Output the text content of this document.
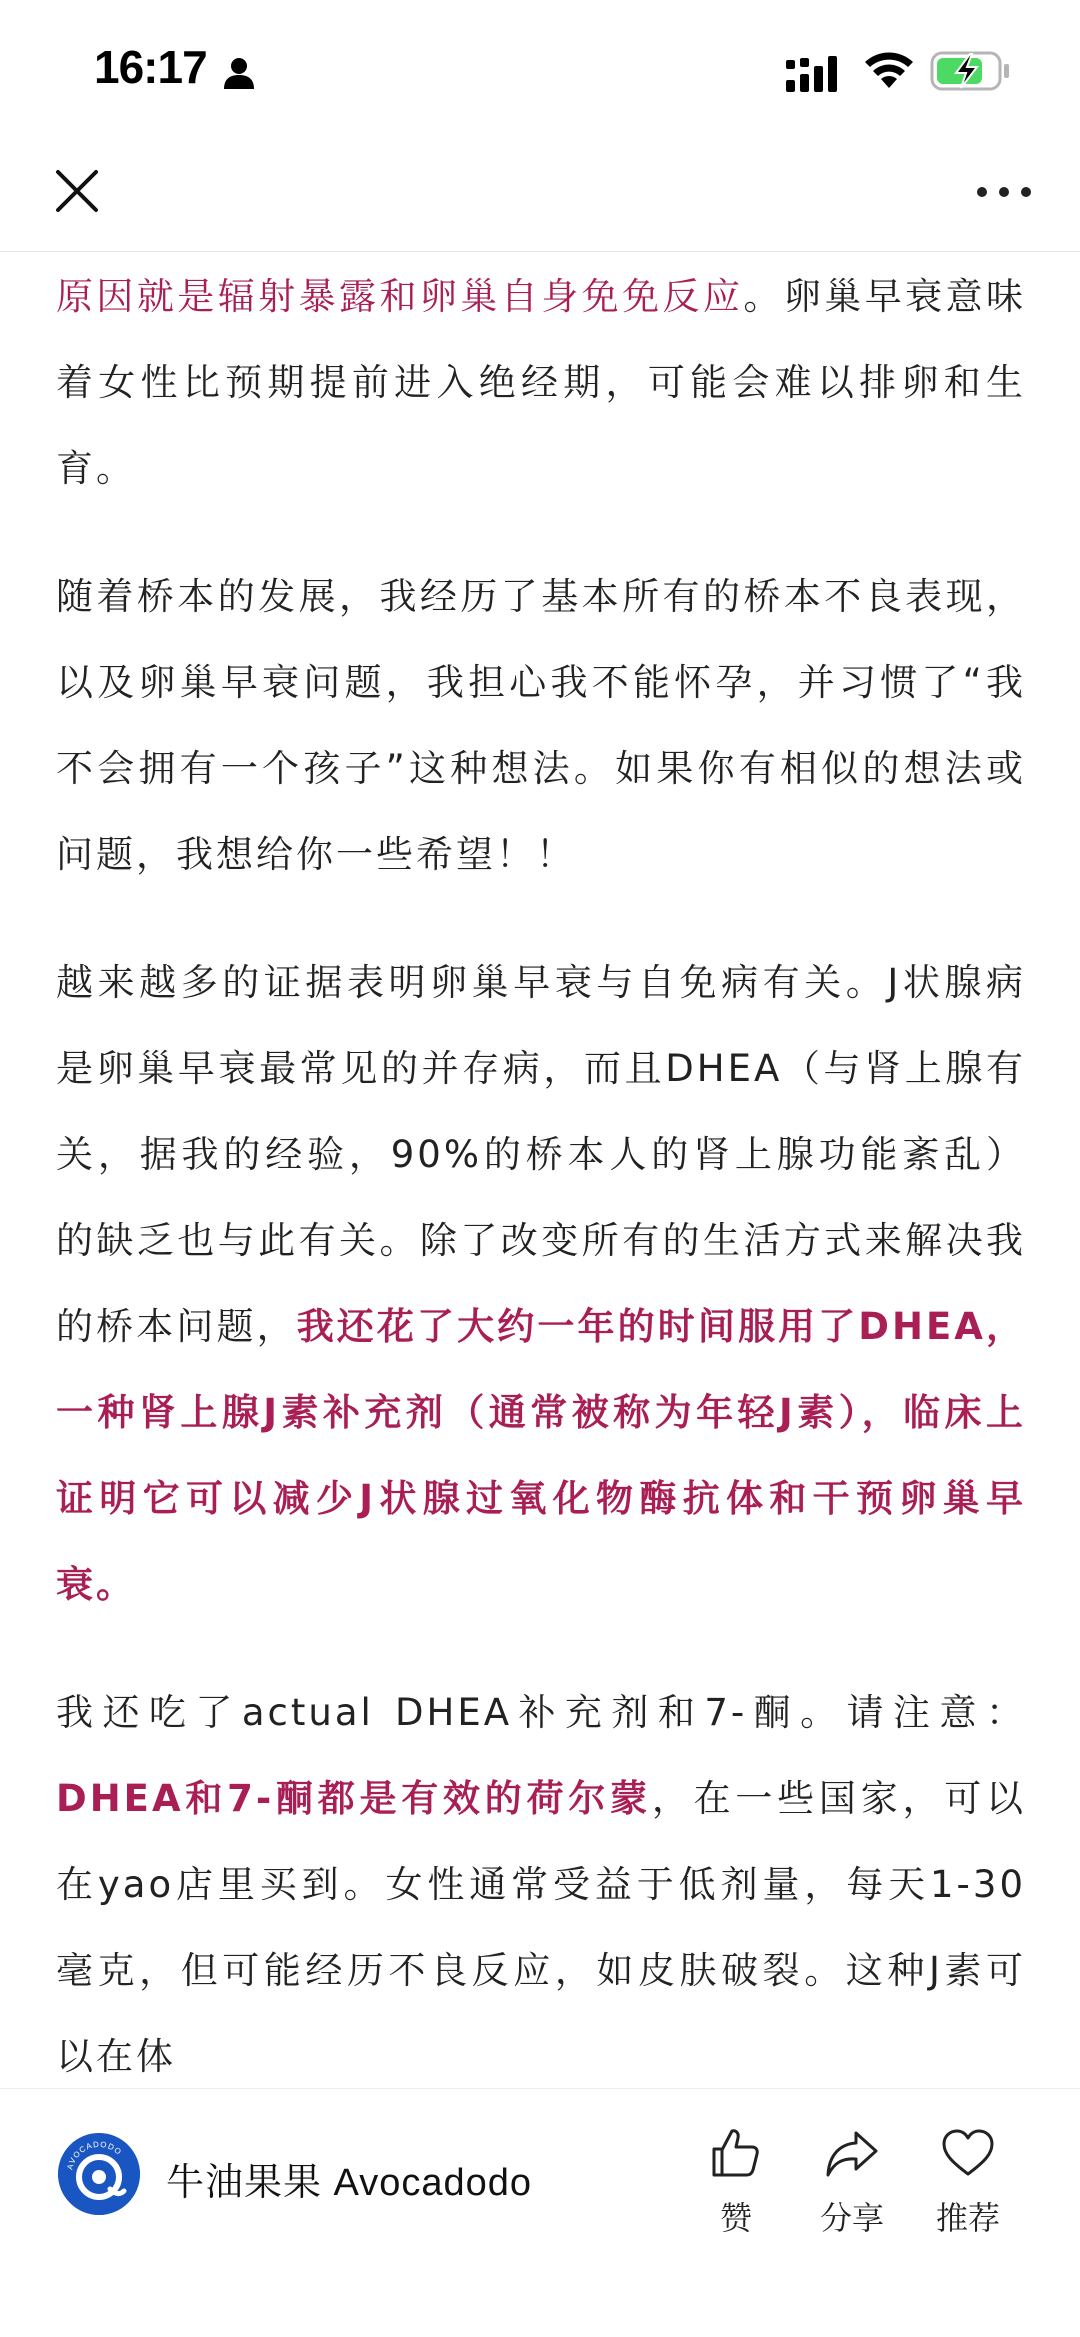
16:17

原因就是辐射暴露和卵巢自身免免反应。卵巢早衰意味着女性比预期提前进入绝经期，可能会难以排卵和生育。

随着桥本的发展，我经历了基本所有的桥本不良表现，以及卵巢早衰问题，我担心我不能怀孕，并习惯了“我不会拥有一个孩子”这种想法。如果你有相似的想法或问题，我想给你一些希望！！

越来越多的证据表明卵巢早衰与自免病有关。J状腺病是卵巢早衰最常见的并存病，而且DHEA（与肾上腺有关，据我的经验，90%的桥本人的肾上腺功能紊乱）的缺乏也与此有关。除了改变所有的生活方式来解决我的桥本问题，我还花了大约一年的时间服用了DHEA，一种肾上腺J素补充剂（通常被称为年轻J素），临床上证明它可以减少J状腺过氧化物酶抗体和干预卵巢早衰。

我还吃了actual DHEA补充剂和7-酮。请注意：DHEA和7-酮都是有效的荷尔蒙，在一些国家，可以在yao店里买到。女性通常受益于低剂量，每天1-30毫克，但可能经历不良反应，如皮肤破裂。这种J素可以在体

AVOCADODO
牛油果果 Avocadodo
赞	分享	推荐
